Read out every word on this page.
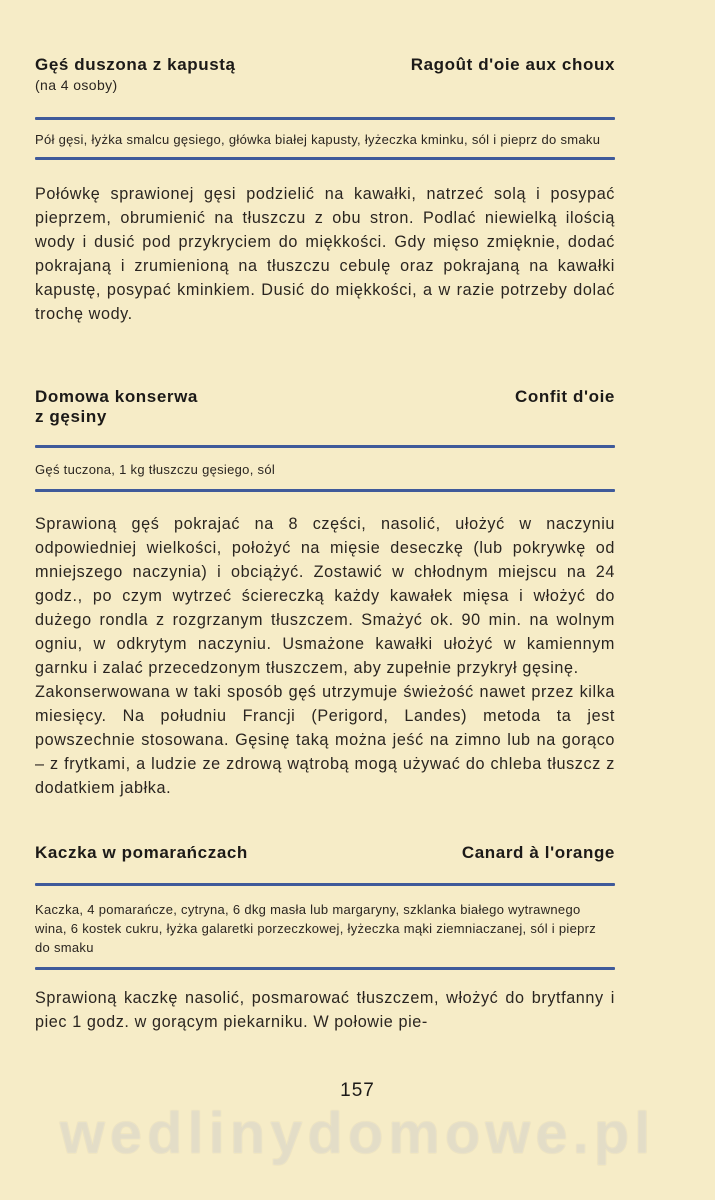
Gęś duszona z kapustą	Ragoût d'oie aux choux
(na 4 osoby)
Pół gęsi, łyżka smalcu gęsiego, główka białej kapusty, łyżeczka kminku, sól i pieprz do smaku

Połówkę sprawionej gęsi podzielić na kawałki, natrzeć solą i posypać pieprzem, obrumienić na tłuszczu z obu stron. Podlać niewielką ilością wody i dusić pod przykryciem do miękkości. Gdy mięso zmięknie, dodać pokrajaną i zrumienioną na tłuszczu cebulę oraz pokrajaną na kawałki kapustę, posypać kminkiem. Dusić do miękkości, a w razie potrzeby dolać trochę wody.

Domowa konserwa
z gęsiny
Confit d'oie
Gęś tuczona, 1 kg tłuszczu gęsiego, sól

Sprawioną gęś pokrajać na 8 części, nasolić, ułożyć w naczyniu odpowiedniej wielkości, położyć na mięsie deseczkę (lub pokrywkę od mniejszego naczynia) i obciążyć. Zostawić w chłodnym miejscu na 24 godz., po czym wytrzeć ściereczką każdy kawałek mięsa i włożyć do dużego rondla z rozgrzanym tłuszczem. Smażyć ok. 90 min. na wolnym ogniu, w odkrytym naczyniu. Usmażone kawałki ułożyć w kamiennym garnku i zalać przecedzonym tłuszczem, aby zupełnie przykrył gęsinę.

Zakonserwowana w taki sposób gęś utrzymuje świeżość nawet przez kilka miesięcy. Na południu Francji (Perigord, Landes) metoda ta jest powszechnie stosowana. Gęsinę taką można jeść na zimno lub na gorąco – z frytkami, a ludzie ze zdrową wątrobą mogą używać do chleba tłuszcz z dodatkiem jabłka.

Kaczka w pomarańczach	Canard à l'orange
Kaczka, 4 pomarańcze, cytryna, 6 dkg masła lub margaryny, szklanka białego wytrawnego wina, 6 kostek cukru, łyżka galaretki porzeczkowej, łyżeczka mąki ziemniaczanej, sól i pieprz do smaku

Sprawioną kaczkę nasolić, posmarować tłuszczem, włożyć do brytfanny i piec 1 godz. w gorącym piekarniku. W połowie pie-

157
wedlinydomowe.pl
